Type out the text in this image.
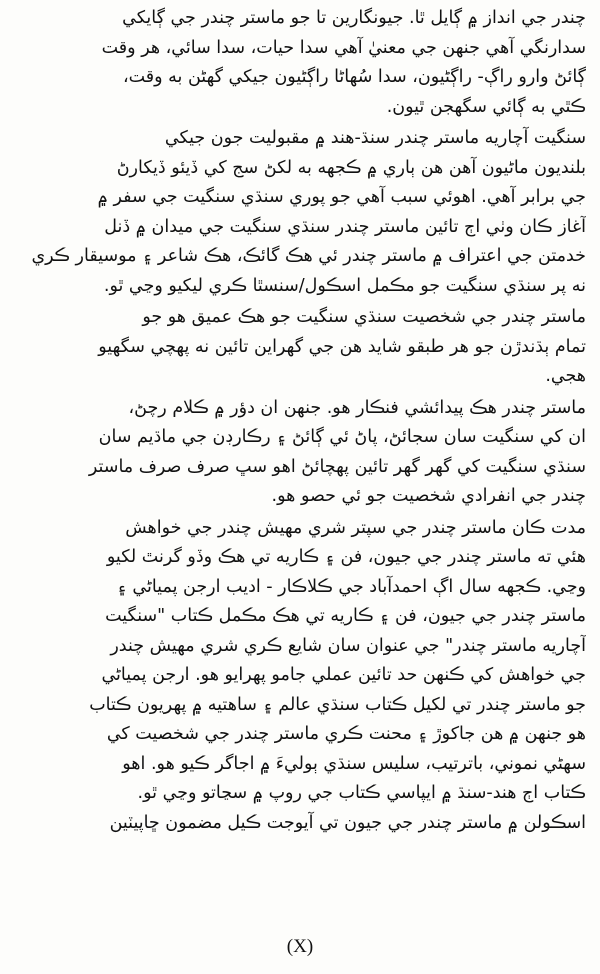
چندر جي انداز ۾ ڳايل ٿا. جيونگارين تا جو ماستر چندر جي ڳايکي
سدارنگي آهي جنهن جي معنيٰ آهي سدا حيات، سدا سائي، هر وقت
ڳائڻ وارو راڳ- راڳڻيون، سدا سُهاڻا راڳڻيون جيکي گهڻن به وقت،
ڪٿي به ڳائي سگهجن ٿيون.

سنگيت آچاريه ماستر چندر سنڌ-هند ۾ مقبوليت جون جيکي
بلنديون ماڻيون آهن هن ٻاري ۾ ڪجهه به لکڻ سج کي ڏيئو ڏيکارڻ
جي برابر آهي. اهوئي سبب آهي جو پوري سنڌي سنگيت جي سفر ۾
آغاز ڪان وٺي اڄ تائين ماستر چندر سنڌي سنگيت جي ميدان ۾ ڏنل
خدمتن جي اعتراف ۾ ماستر چندر ئي هڪ گائڪ، هڪ شاعر ۽ موسيقار ڪري
نه پر سنڌي سنگيت جو مڪمل اسڪول/سنسٿا ڪري ليکيو وڃي ٿو.

ماستر چندر جي شخصيت سنڌي سنگيت جو هڪ عميق هو جو
تمام ٻڌندڙن جو هر طبقو شايد هن جي گهراين تائين نه پهچي سگهيو
هجي.

ماستر چندر هڪ پيدائشي فنڪار هو. جنهن ان دؤر ۾ ڪلام رچڻ،
ان کي سنگيت سان سجائڻ، پاڻ ئي ڳائڻ ۽ رڪارڊن جي ماڌيم سان
سنڌي سنگيت کي گهر گهر تائين پهچائڻ اهو سڀ صرف صرف ماستر
چندر جي انفرادي شخصيت جو ئي حصو هو.

مدت ڪان ماستر چندر جي سپتر شري مهيش چندر جي خواهش
هئي ته ماستر چندر جي جيون، فن ۽ ڪاريه تي هڪ وڏو گرنٿ لکيو
وڃي. ڪجهه سال اڳ احمدآباد جي ڪلاڪار - اديب ارجن پمياڻي ۽
ماستر چندر جي جيون، فن ۽ ڪاريه تي هڪ مڪمل ڪتاب "سنگيت
آچاريه ماستر چندر" جي عنوان سان شايع ڪري شري مهيش چندر
جي خواهش کي ڪنهن حد تائين عملي جامو پهرايو هو. ارجن پمياڻي
جو ماستر چندر تي لکيل ڪتاب سنڌي عالم ۽ ساهتيه ۾ پهريون ڪتاب
هو جنهن ۾ هن جاکوڙ ۽ محنت ڪري ماستر چندر جي شخصيت کي
سهڻي نموني، باترتيب، سليس سنڌي ٻوليءَ ۾ اجاگر ڪيو هو. اهو
ڪتاب اڄ هند-سنڌ ۾ ايپاسي ڪتاب جي روپ ۾ سڃاتو وڃي ٿو.
اسڪولن ۾ ماستر چندر جي جيون تي آيوجت ڪيل مضمون ڇاپيٽين

(X)
